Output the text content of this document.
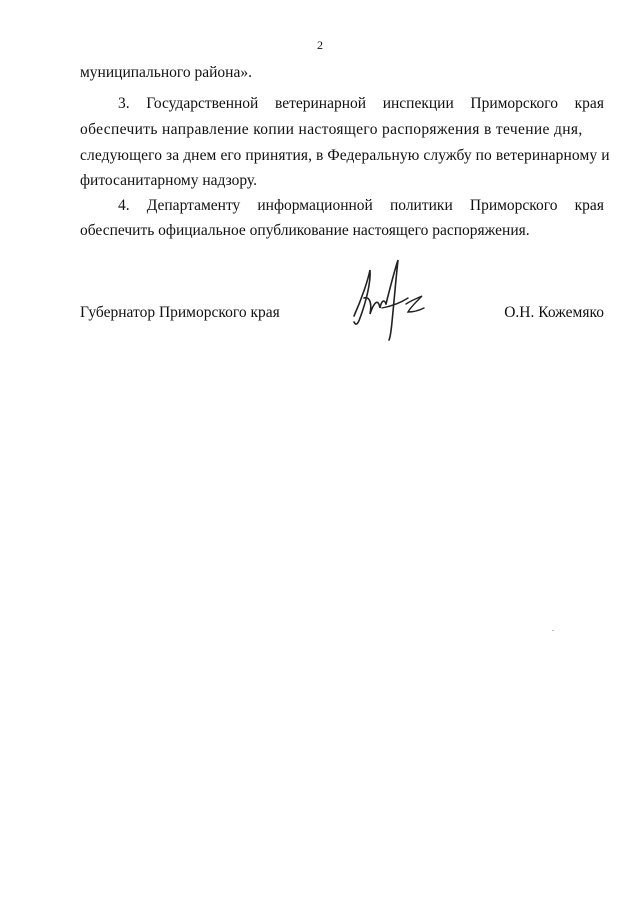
2
муниципального района».
3. Государственной ветеринарной инспекции Приморского края
обеспечить направление копии настоящего распоряжения в течение дня,
следующего за днем его принятия, в Федеральную службу по ветеринарному и
фитосанитарному надзору.
4. Департаменту информационной политики Приморского края
обеспечить официальное опубликование настоящего распоряжения.
Губернатор Приморского края	О.Н. Кожемяко
